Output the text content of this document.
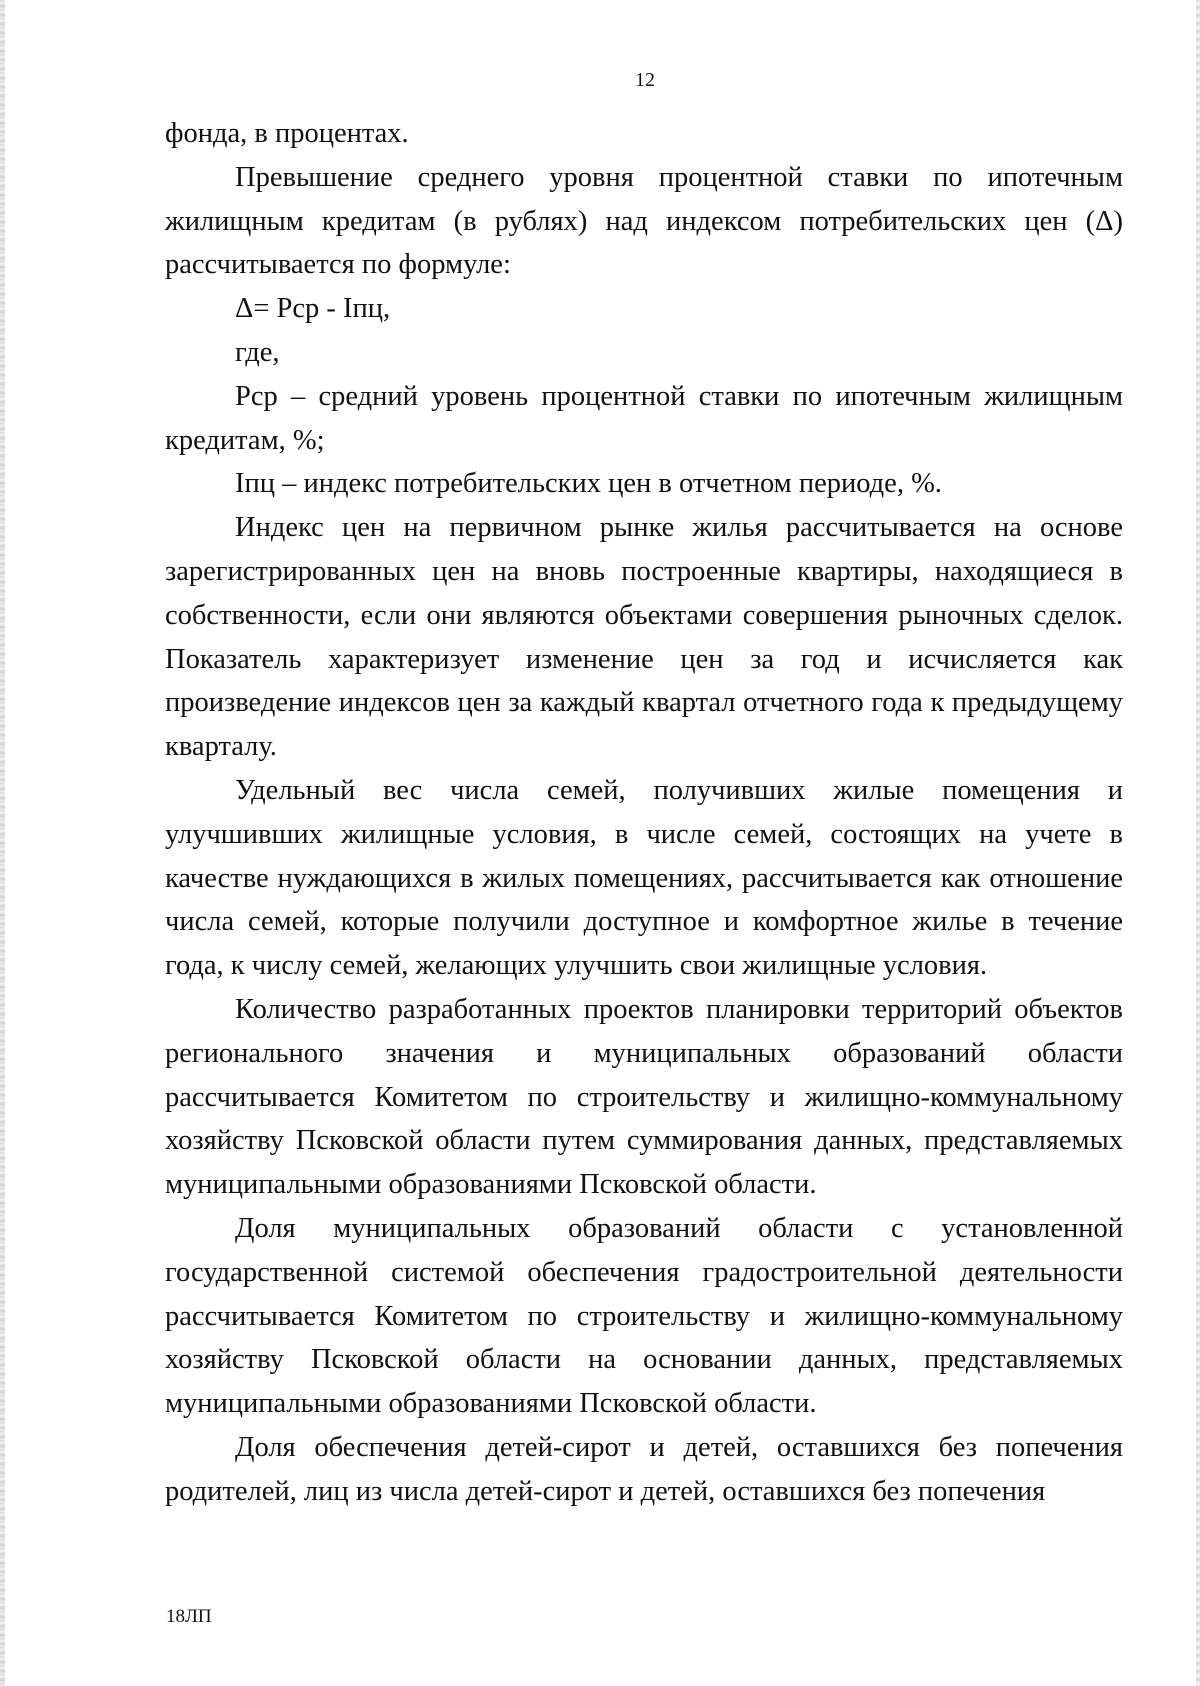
12

фонда, в процентах.

Превышение среднего уровня процентной ставки по ипотечным жилищным кредитам (в рублях) над индексом потребительских цен (Δ) рассчитывается по формуле:

Δ= Рср - Iпц,

где,

Рср – средний уровень процентной ставки по ипотечным жилищным кредитам, %;

Iпц – индекс потребительских цен в отчетном периоде, %.

Индекс цен на первичном рынке жилья рассчитывается на основе зарегистрированных цен на вновь построенные квартиры, находящиеся в собственности, если они являются объектами совершения рыночных сделок. Показатель характеризует изменение цен за год и исчисляется как произведение индексов цен за каждый квартал отчетного года к предыдущему кварталу.

Удельный вес числа семей, получивших жилые помещения и улучшивших жилищные условия, в числе семей, состоящих на учете в качестве нуждающихся в жилых помещениях, рассчитывается как отношение числа семей, которые получили доступное и комфортное жилье в течение года, к числу семей, желающих улучшить свои жилищные условия.

Количество разработанных проектов планировки территорий объектов регионального значения и муниципальных образований области рассчитывается Комитетом по строительству и жилищно-коммунальному хозяйству Псковской области путем суммирования данных, представляемых муниципальными образованиями Псковской области.

Доля муниципальных образований области с установленной государственной системой обеспечения градостроительной деятельности рассчитывается Комитетом по строительству и жилищно-коммунальному хозяйству Псковской области на основании данных, представляемых муниципальными образованиями Псковской области.

Доля обеспечения детей-сирот и детей, оставшихся без попечения родителей, лиц из числа детей-сирот и детей, оставшихся без попечения

18ЛП
